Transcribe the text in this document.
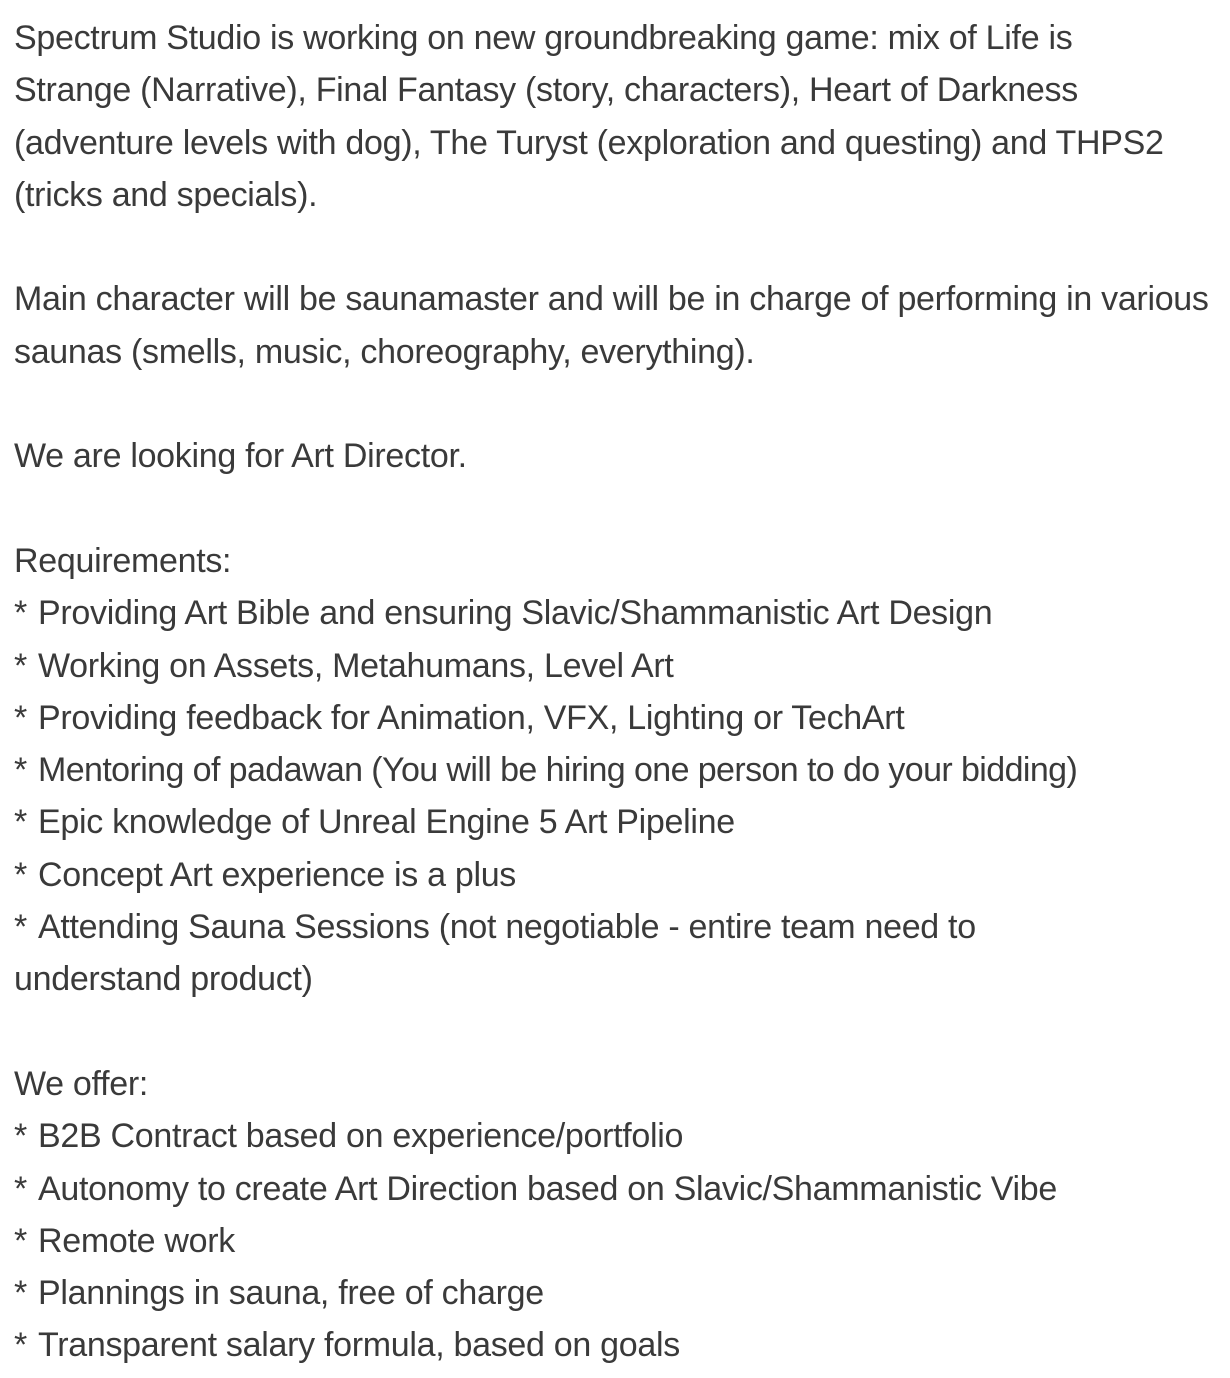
Spectrum Studio is working on new groundbreaking game: mix of Life is Strange (Narrative), Final Fantasy (story, characters), Heart of Darkness (adventure levels with dog), The Turyst (exploration and questing) and THPS2 (tricks and specials).

Main character will be saunamaster and will be in charge of performing in various saunas (smells, music, choreography, everything).

We are looking for Art Director.

Requirements:

* Providing Art Bible and ensuring Slavic/Shammanistic Art Design
* Working on Assets, Metahumans, Level Art
* Providing feedback for Animation, VFX, Lighting or TechArt
* Mentoring of padawan (You will be hiring one person to do your bidding)
* Epic knowledge of Unreal Engine 5 Art Pipeline
* Concept Art experience is a plus
* Attending Sauna Sessions (not negotiable - entire team need to understand product)

We offer:

* B2B Contract based on experience/portfolio
* Autonomy to create Art Direction based on Slavic/Shammanistic Vibe
* Remote work
* Plannings in sauna, free of charge
* Transparent salary formula, based on goals
